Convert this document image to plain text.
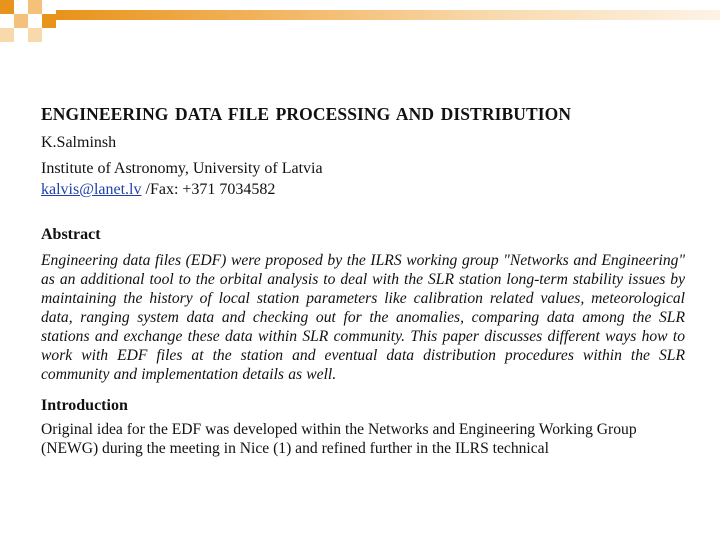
ENGINEERING DATA FILE PROCESSING AND DISTRIBUTION

K.Salminsh

Institute of Astronomy, University of Latvia

kalvis@lanet.lv /Fax: +371 7034582

Abstract

Engineering data files (EDF) were proposed by the ILRS working group "Networks and Engineering" as an additional tool to the orbital analysis to deal with the SLR station long-term stability issues by maintaining the history of local station parameters like calibration related values, meteorological data, ranging system data and checking out for the anomalies, comparing data among the SLR stations and exchange these data within SLR community. This paper discusses different ways how to work with EDF files at the station and eventual data distribution procedures within the SLR community and implementation details as well.

Introduction

Original idea for the EDF was developed within the Networks and Engineering Working Group (NEWG) during the meeting in Nice (1) and refined further in the ILRS technical
